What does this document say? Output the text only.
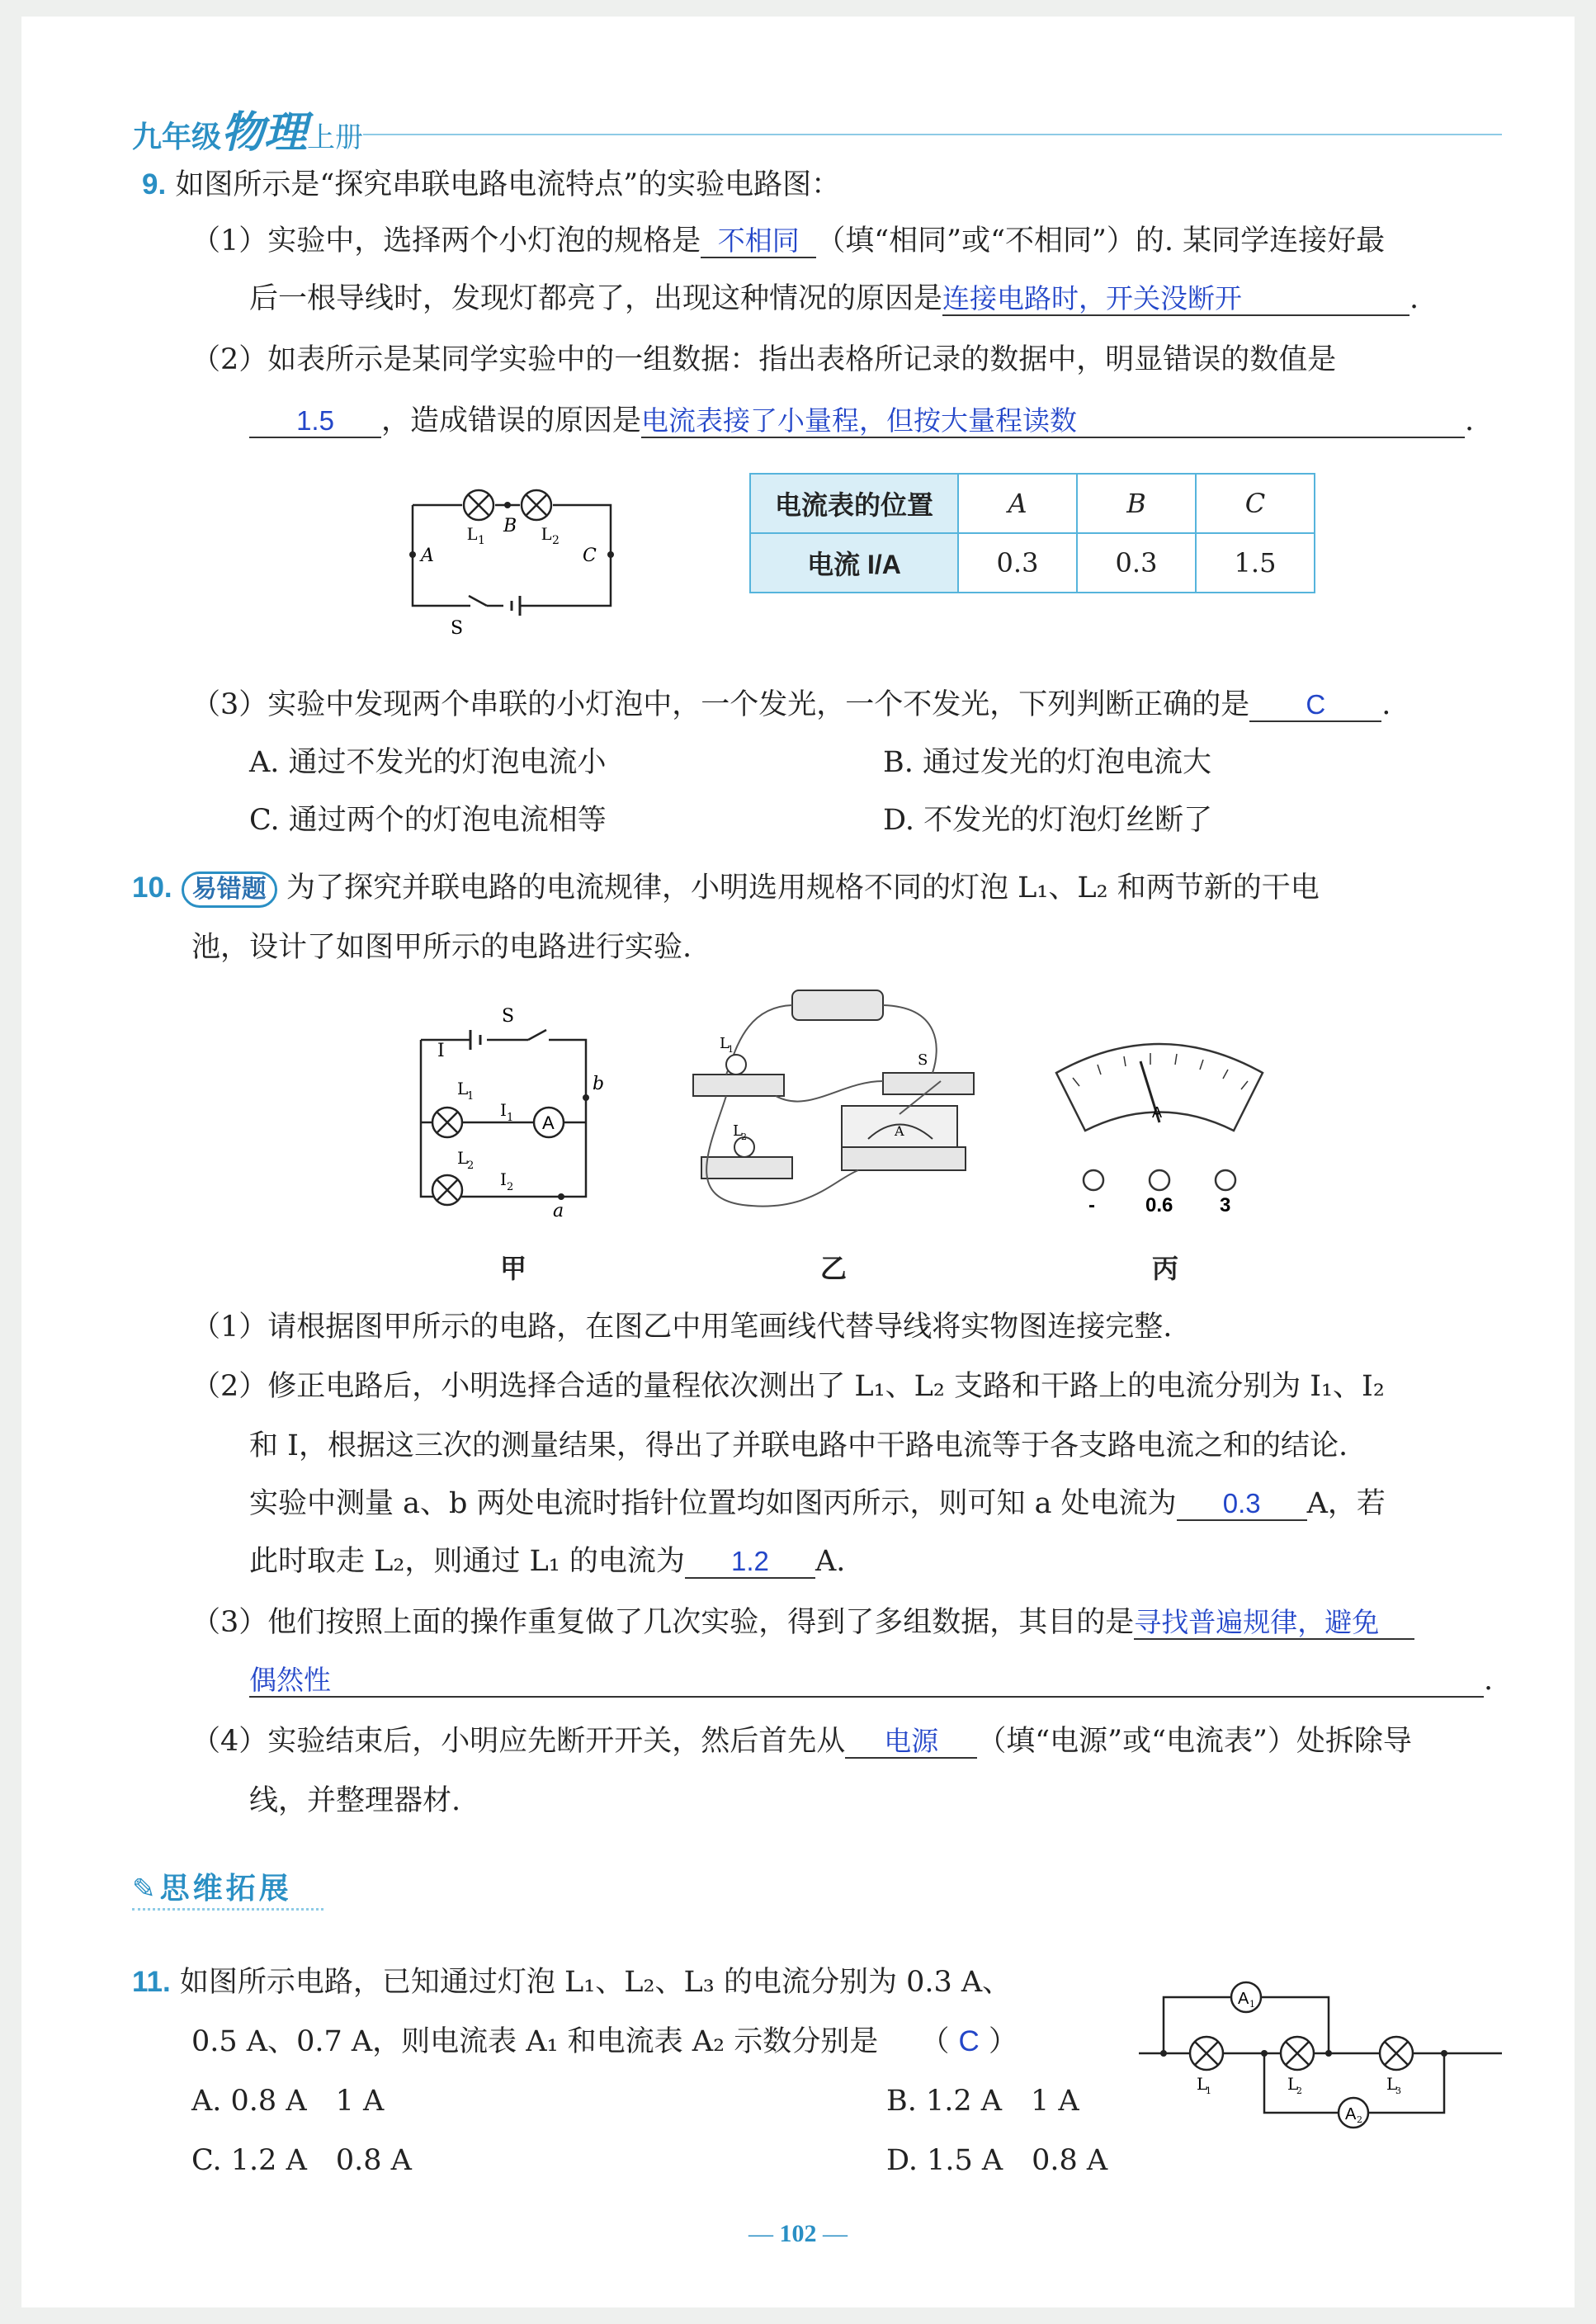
九年级物理上册
9. 如图所示是“探究串联电路电流特点”的实验电路图：
（1）实验中，选择两个小灯泡的规格是 不相同 （填“相同”或“不相同”）的. 某同学连接好最
后一根导线时，发现灯都亮了，出现这种情况的原因是连接电路时，开关没断开	.
（2）如表所示是某同学实验中的一组数据：指出表格所记录的数据中，明显错误的数值是
1.5 ，造成错误的原因是电流表接了小量程，但按大量程读数	.
L 1
B L 2
A	C
S
电流表的位置	A	B	C
电流 I/A	0.3	0.3	1.5
（3）实验中发现两个串联的小灯泡中，一个发光，一个不发光，下列判断正确的是 C .
A. 通过不发光的灯泡电流小	B. 通过发光的灯泡电流大
C. 通过两个的灯泡电流相等	D. 不发光的灯泡灯丝断了
10. 易错题 为了探究并联电路的电流规律，小明选用规格不同的灯泡 L₁、L₂ 和两节新的干电
池，设计了如图甲所示的电路进行实验.
A
S
I
L
1
I 1
L
2
I 2
b
a
L
1
L
2
S
A
A
-	0.6 3
甲	乙	丙
（1）请根据图甲所示的电路，在图乙中用笔画线代替导线将实物图连接完整.
（2）修正电路后，小明选择合适的量程依次测出了 L₁、L₂ 支路和干路上的电流分别为 I₁、I₂
和 I，根据这三次的测量结果，得出了并联电路中干路电流等于各支路电流之和的结论.
实验中测量 a、b 两处电流时指针位置均如图丙所示，则可知 a 处电流为 0.3 A，若
此时取走 L₂，则通过 L₁ 的电流为 1.2 A.
（3）他们按照上面的操作重复做了几次实验，得到了多组数据，其目的是寻找普遍规律，避免
偶然性	.
（4）实验结束后，小明应先断开开关，然后首先从 电源 （填“电源”或“电流表”）处拆除导
线，并整理器材.
✎ 思维拓展
11. 如图所示电路，已知通过灯泡 L₁、L₂、L₃ 的电流分别为 0.3 A、
0.5 A、0.7 A，则电流表 A₁ 和电流表 A₂ 示数分别是 （ C ）
A. 0.8 A　1 A	B. 1.2 A　1 A
C. 1.2 A　0.8 A	D. 1.5 A　0.8 A
A 1
A 2
L
1	L
2	L
3
— 102 —
